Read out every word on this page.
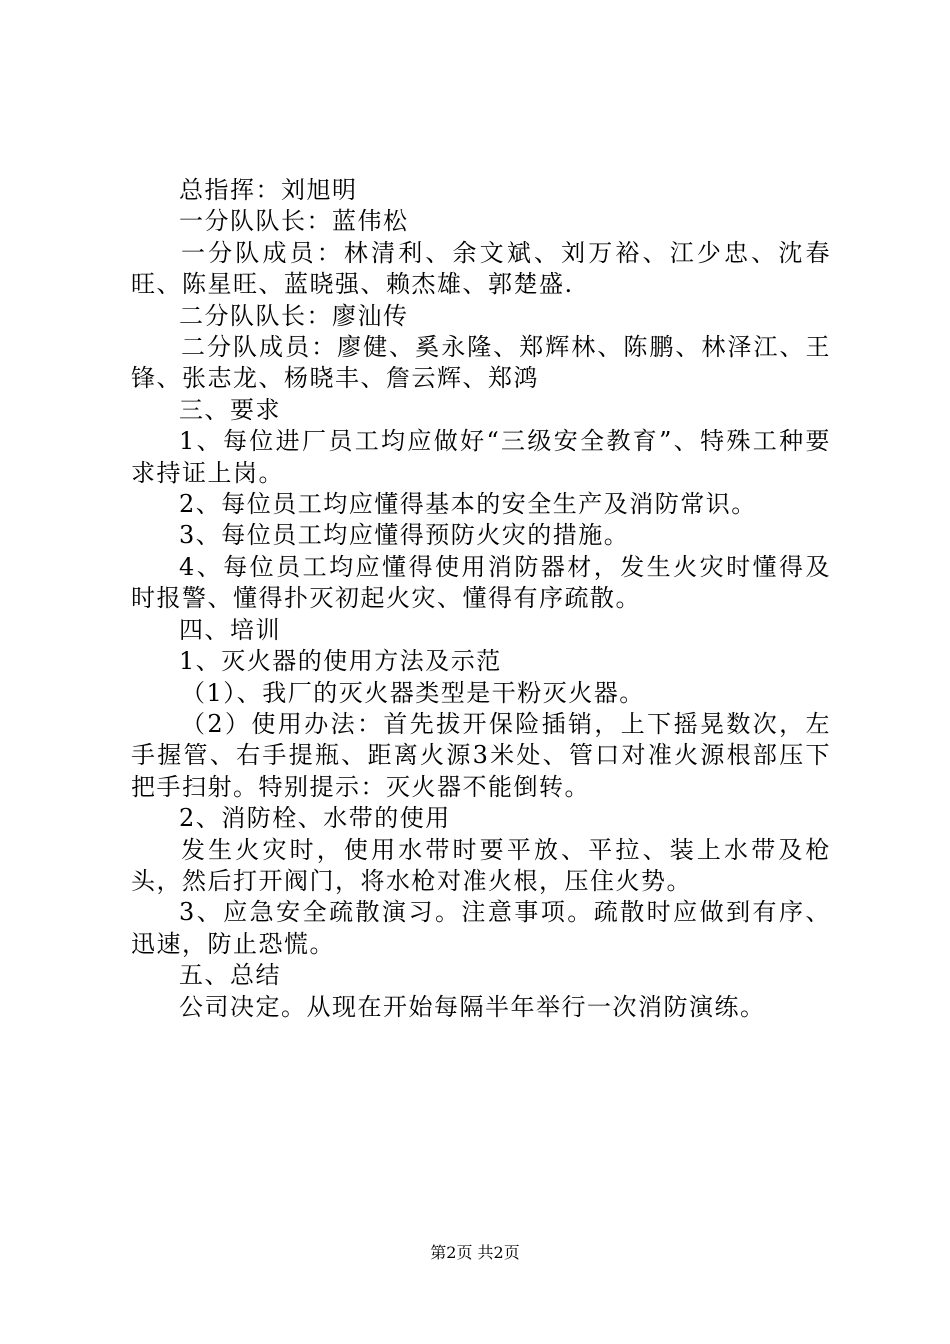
总指挥：刘旭明

一分队队长：蓝伟松

一分队成员：林清利、余文斌、刘万裕、江少忠、沈春旺、陈星旺、蓝晓强、赖杰雄、郭楚盛.

二分队队长：廖汕传

二分队成员：廖健、奚永隆、郑辉林、陈鹏、林泽江、王锋、张志龙、杨晓丰、詹云辉、郑鸿

三、要求

1、每位进厂员工均应做好“三级安全教育”、特殊工种要求持证上岗。

2、每位员工均应懂得基本的安全生产及消防常识。

3、每位员工均应懂得预防火灾的措施。

4、每位员工均应懂得使用消防器材，发生火灾时懂得及时报警、懂得扑灭初起火灾、懂得有序疏散。

四、培训

1、灭火器的使用方法及示范

（1）、我厂的灭火器类型是干粉灭火器。

（2）使用办法：首先拔开保险插销，上下摇晃数次，左手握管、右手提瓶、距离火源3米处、管口对准火源根部压下把手扫射。特别提示：灭火器不能倒转。

2、消防栓、水带的使用

发生火灾时，使用水带时要平放、平拉、装上水带及枪头，然后打开阀门，将水枪对准火根，压住火势。

3、应急安全疏散演习。注意事项。疏散时应做到有序、迅速，防止恐慌。

五、总结

公司决定。从现在开始每隔半年举行一次消防演练。

第2页 共2页
